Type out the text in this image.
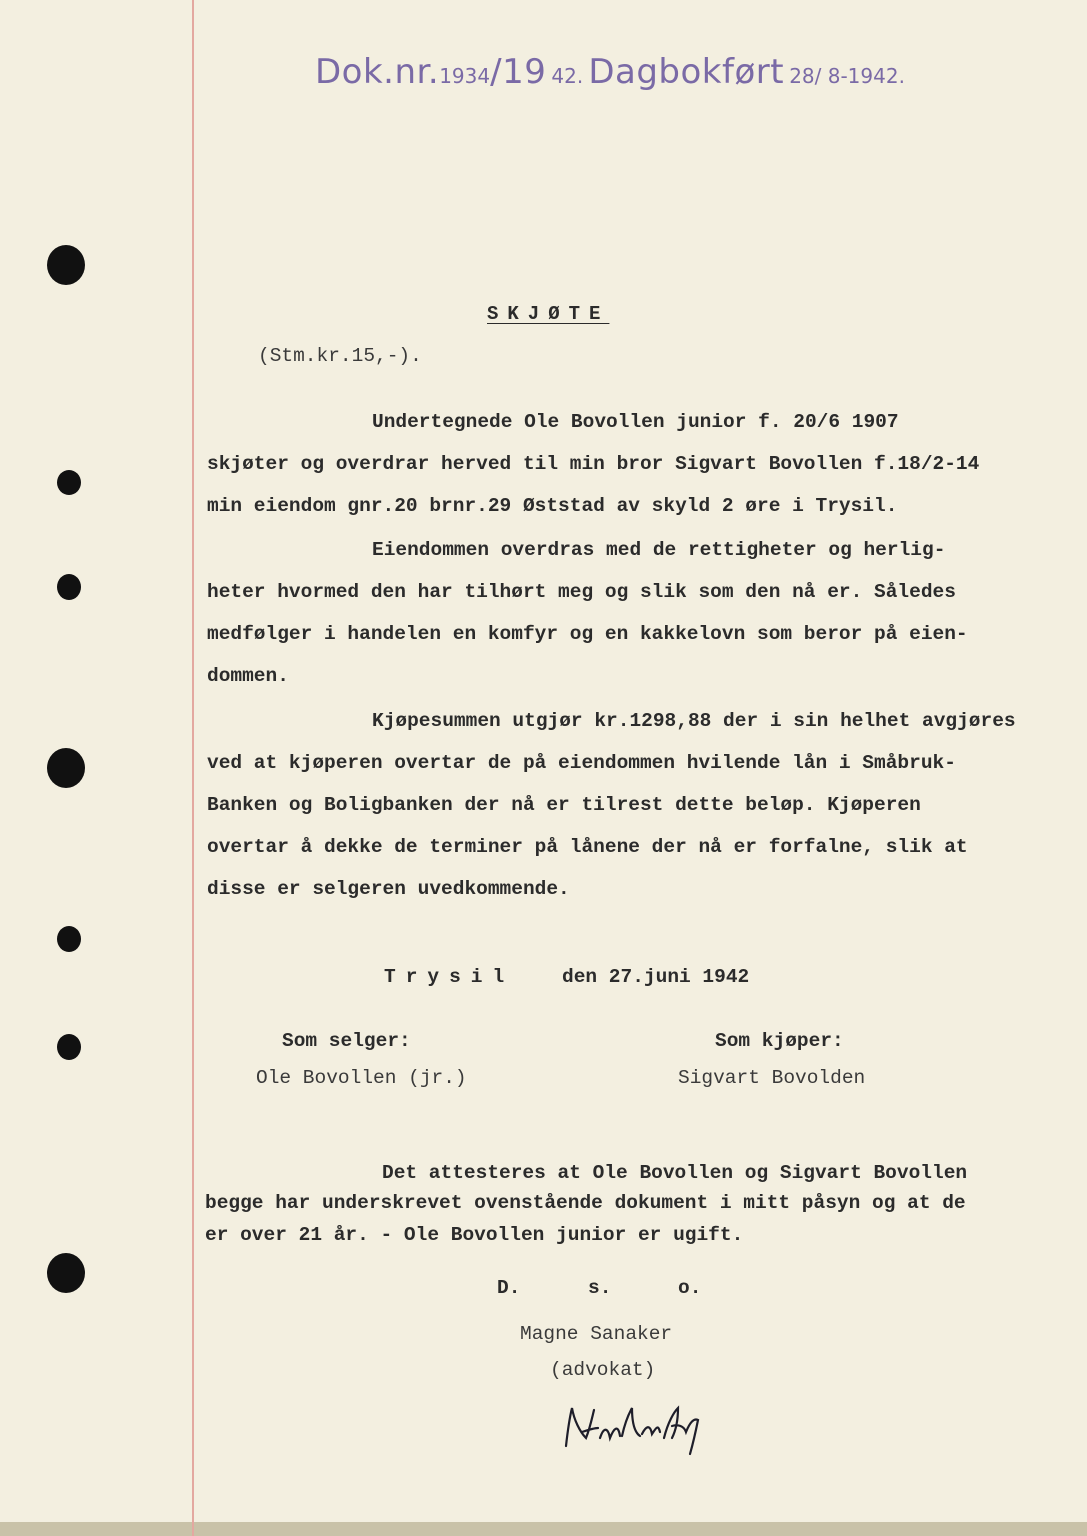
Dok.nr.1934/19 42. Dagbokført 28/ 8-1942.
SKJØTE
(Stm.kr.15,-).
Undertegnede Ole Bovollen junior f. 20/6 1907
skjøter og overdrar herved til min bror Sigvart Bovollen f.18/2-14
min eiendom gnr.20 brnr.29 Øststad av skyld 2 øre i Trysil.
Eiendommen overdras med de rettigheter og herlig-
heter hvormed den har tilhørt meg og slik som den nå er. Således
medfølger i handelen en komfyr og en kakkelovn som beror på eien-
dommen.
Kjøpesummen utgjør kr.1298,88 der i sin helhet avgjøres
ved at kjøperen overtar de på eiendommen hvilende lån i Småbruk-
Banken og Boligbanken der nå er tilrest dette beløp. Kjøperen
overtar å dekke de terminer på lånene der nå er forfalne, slik at
disse er selgeren uvedkommende.
Trysil den 27.juni 1942
Som selger:	Som kjøper:
Ole Bovollen (jr.)	Sigvart Bovolden
Det attesteres at Ole Bovollen og Sigvart Bovollen
begge har underskrevet ovenstående dokument i mitt påsyn og at de
er over 21 år. - Ole Bovollen junior er ugift.
D.	s.	o.
Magne Sanaker
(advokat)
